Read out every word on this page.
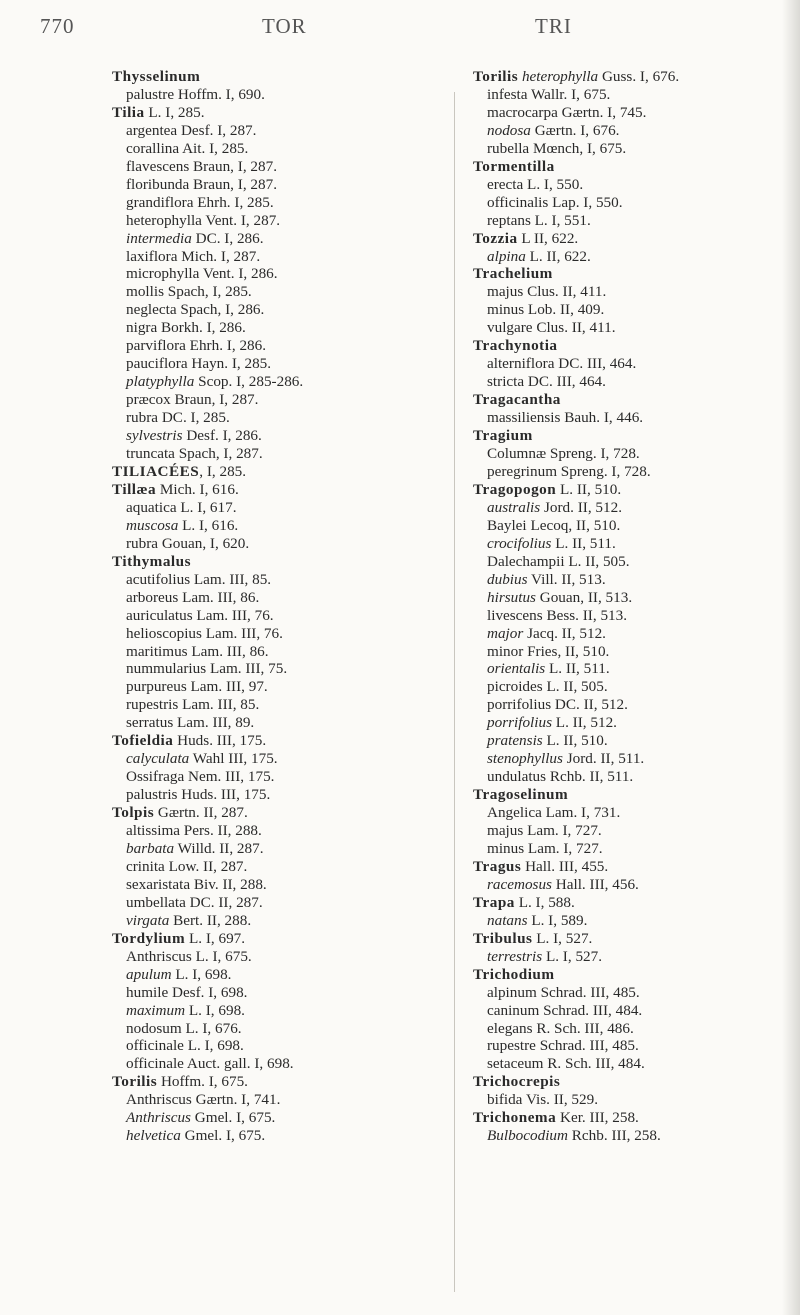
770	TOR	TRI
Thysselinum
palustre Hoffm. I, 690.
Tilia L. I, 285.
argentea Desf. I, 287.
corallina Ait. I, 285.
flavescens Braun, I, 287.
floribunda Braun, I, 287.
grandiflora Ehrh. I, 285.
heterophylla Vent. I, 287.
intermedia DC. I, 286.
laxiflora Mich. I, 287.
microphylla Vent. I, 286.
mollis Spach, I, 285.
neglecta Spach, I, 286.
nigra Borkh. I, 286.
parviflora Ehrh. I, 286.
pauciflora Hayn. I, 285.
platyphylla Scop. I, 285-286.
præcox Braun, I, 287.
rubra DC. I, 285.
sylvestris Desf. I, 286.
truncata Spach, I, 287.
TILIACÉES, I, 285.
Tillæa Mich. I, 616.
aquatica L. I, 617.
muscosa L. I, 616.
rubra Gouan, I, 620.
Tithymalus
acutifolius Lam. III, 85.
arboreus Lam. III, 86.
auriculatus Lam. III, 76.
helioscopius Lam. III, 76.
maritimus Lam. III, 86.
nummularius Lam. III, 75.
purpureus Lam. III, 97.
rupestris Lam. III, 85.
serratus Lam. III, 89.
Tofieldia Huds. III, 175.
calyculata Wahl III, 175.
Ossifraga Nem. III, 175.
palustris Huds. III, 175.
Tolpis Gærtn. II, 287.
altissima Pers. II, 288.
barbata Willd. II, 287.
crinita Low. II, 287.
sexaristata Biv. II, 288.
umbellata DC. II, 287.
virgata Bert. II, 288.
Tordylium L. I, 697.
Anthriscus L. I, 675.
apulum L. I, 698.
humile Desf. I, 698.
maximum L. I, 698.
nodosum L. I, 676.
officinale L. I, 698.
officinale Auct. gall. I, 698.
Torilis Hoffm. I, 675.
Anthriscus Gærtn. I, 741.
Anthriscus Gmel. I, 675.
helvetica Gmel. I, 675.
Torilis heterophylla Guss. I, 676.
infesta Wallr. I, 675.
macrocarpa Gærtn. I, 745.
nodosa Gærtn. I, 676.
rubella Mœnch, I, 675.
Tormentilla
erecta L. I, 550.
officinalis Lap. I, 550.
reptans L. I, 551.
Tozzia L II, 622.
alpina L. II, 622.
Trachelium
majus Clus. II, 411.
minus Lob. II, 409.
vulgare Clus. II, 411.
Trachynotia
alterniflora DC. III, 464.
stricta DC. III, 464.
Tragacantha
massiliensis Bauh. I, 446.
Tragium
Columnæ Spreng. I, 728.
peregrinum Spreng. I, 728.
Tragopogon L. II, 510.
australis Jord. II, 512.
Baylei Lecoq, II, 510.
crocifolius L. II, 511.
Dalechampii L. II, 505.
dubius Vill. II, 513.
hirsutus Gouan, II, 513.
livescens Bess. II, 513.
major Jacq. II, 512.
minor Fries, II, 510.
orientalis L. II, 511.
picroides L. II, 505.
porrifolius DC. II, 512.
porrifolius L. II, 512.
pratensis L. II, 510.
stenophyllus Jord. II, 511.
undulatus Rchb. II, 511.
Tragoselinum
Angelica Lam. I, 731.
majus Lam. I, 727.
minus Lam. I, 727.
Tragus Hall. III, 455.
racemosus Hall. III, 456.
Trapa L. I, 588.
natans L. I, 589.
Tribulus L. I, 527.
terrestris L. I, 527.
Trichodium
alpinum Schrad. III, 485.
caninum Schrad. III, 484.
elegans R. Sch. III, 486.
rupestre Schrad. III, 485.
setaceum R. Sch. III, 484.
Trichocrepis
bifida Vis. II, 529.
Trichonema Ker. III, 258.
Bulbocodium Rchb. III, 258.
